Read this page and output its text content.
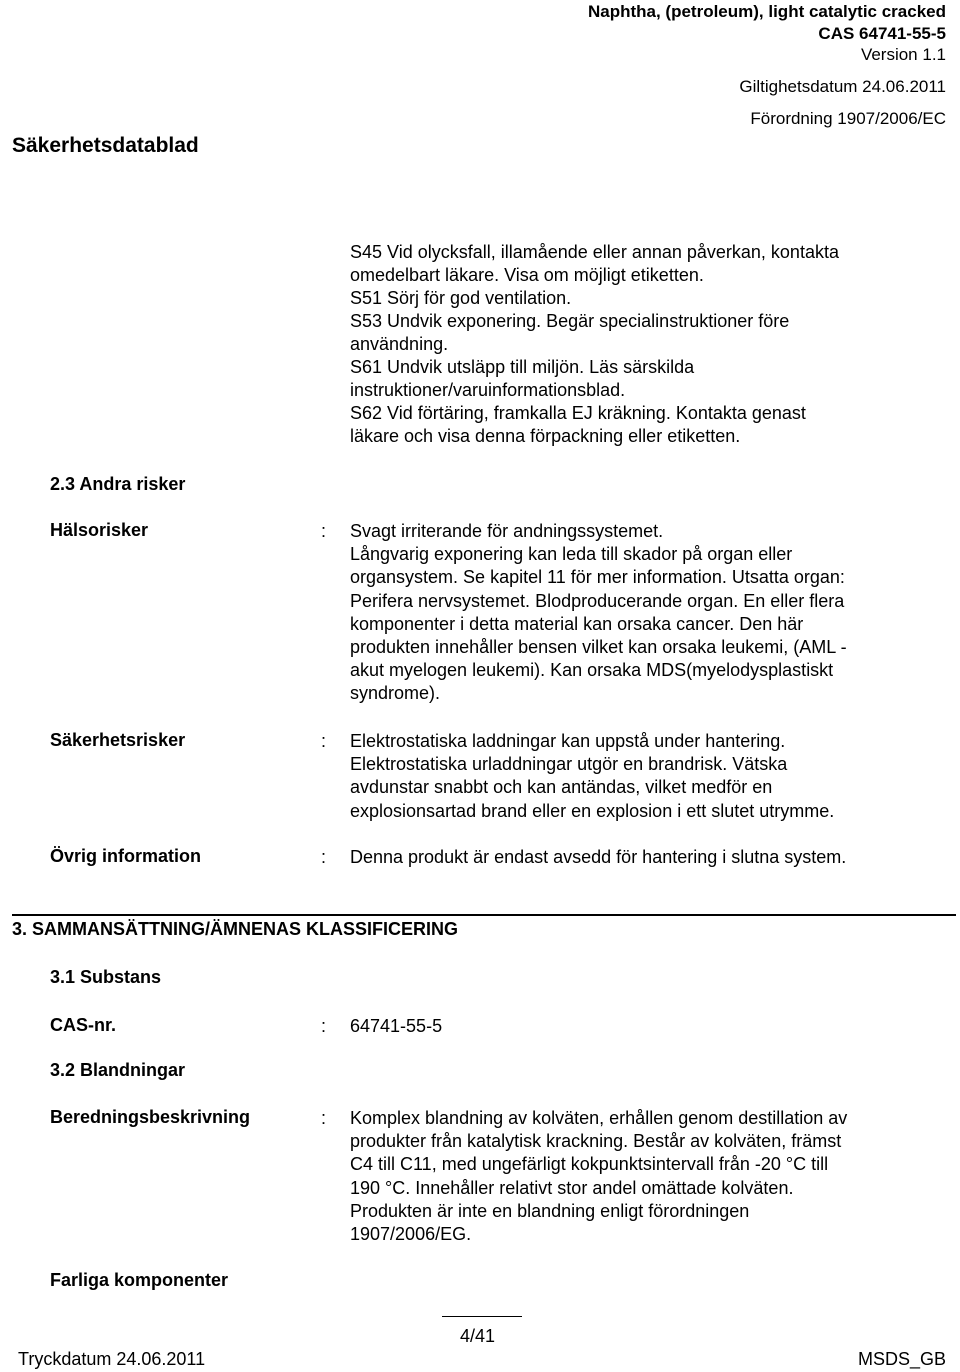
Naphtha, (petroleum), light catalytic cracked
CAS 64741-55-5
Version 1.1
Giltighetsdatum 24.06.2011
Förordning 1907/2006/EC
Säkerhetsdatablad
S45 Vid olycksfall, illamående eller annan påverkan, kontakta
omedelbart läkare. Visa om möjligt etiketten.
S51 Sörj för god ventilation.
S53 Undvik exponering. Begär specialinstruktioner före
användning.
S61 Undvik utsläpp till miljön. Läs särskilda
instruktioner/varuinformationsblad.
S62 Vid förtäring, framkalla EJ kräkning. Kontakta genast
läkare och visa denna förpackning eller etiketten.
2.3 Andra risker
Hälsorisker	: Svagt irriterande för andningssystemet.
Långvarig exponering kan leda till skador på organ eller
organsystem. Se kapitel 11 för mer information. Utsatta organ:
Perifera nervsystemet. Blodproducerande organ. En eller flera
komponenter i detta material kan orsaka cancer. Den här
produkten innehåller bensen vilket kan orsaka leukemi, (AML -
akut myelogen leukemi). Kan orsaka MDS(myelodysplastiskt
syndrome).
Säkerhetsrisker	: Elektrostatiska laddningar kan uppstå under hantering.
Elektrostatiska urladdningar utgör en brandrisk. Vätska
avdunstar snabbt och kan antändas, vilket medför en
explosionsartad brand eller en explosion i ett slutet utrymme.
Övrig information	: Denna produkt är endast avsedd för hantering i slutna system.
3. SAMMANSÄTTNING/ÄMNENAS KLASSIFICERING
3.1 Substans
CAS-nr.	: 64741-55-5
3.2 Blandningar
Beredningsbeskrivning	: Komplex blandning av kolväten, erhållen genom destillation av
produkter från katalytisk krackning. Består av kolväten, främst
C4 till C11, med ungefärligt kokpunktsintervall från -20 °C till
190 °C. Innehåller relativt stor andel omättade kolväten.
Produkten är inte en blandning enligt förordningen
1907/2006/EG.
Farliga komponenter
4/41
Tryckdatum 24.06.2011	MSDS_GB
